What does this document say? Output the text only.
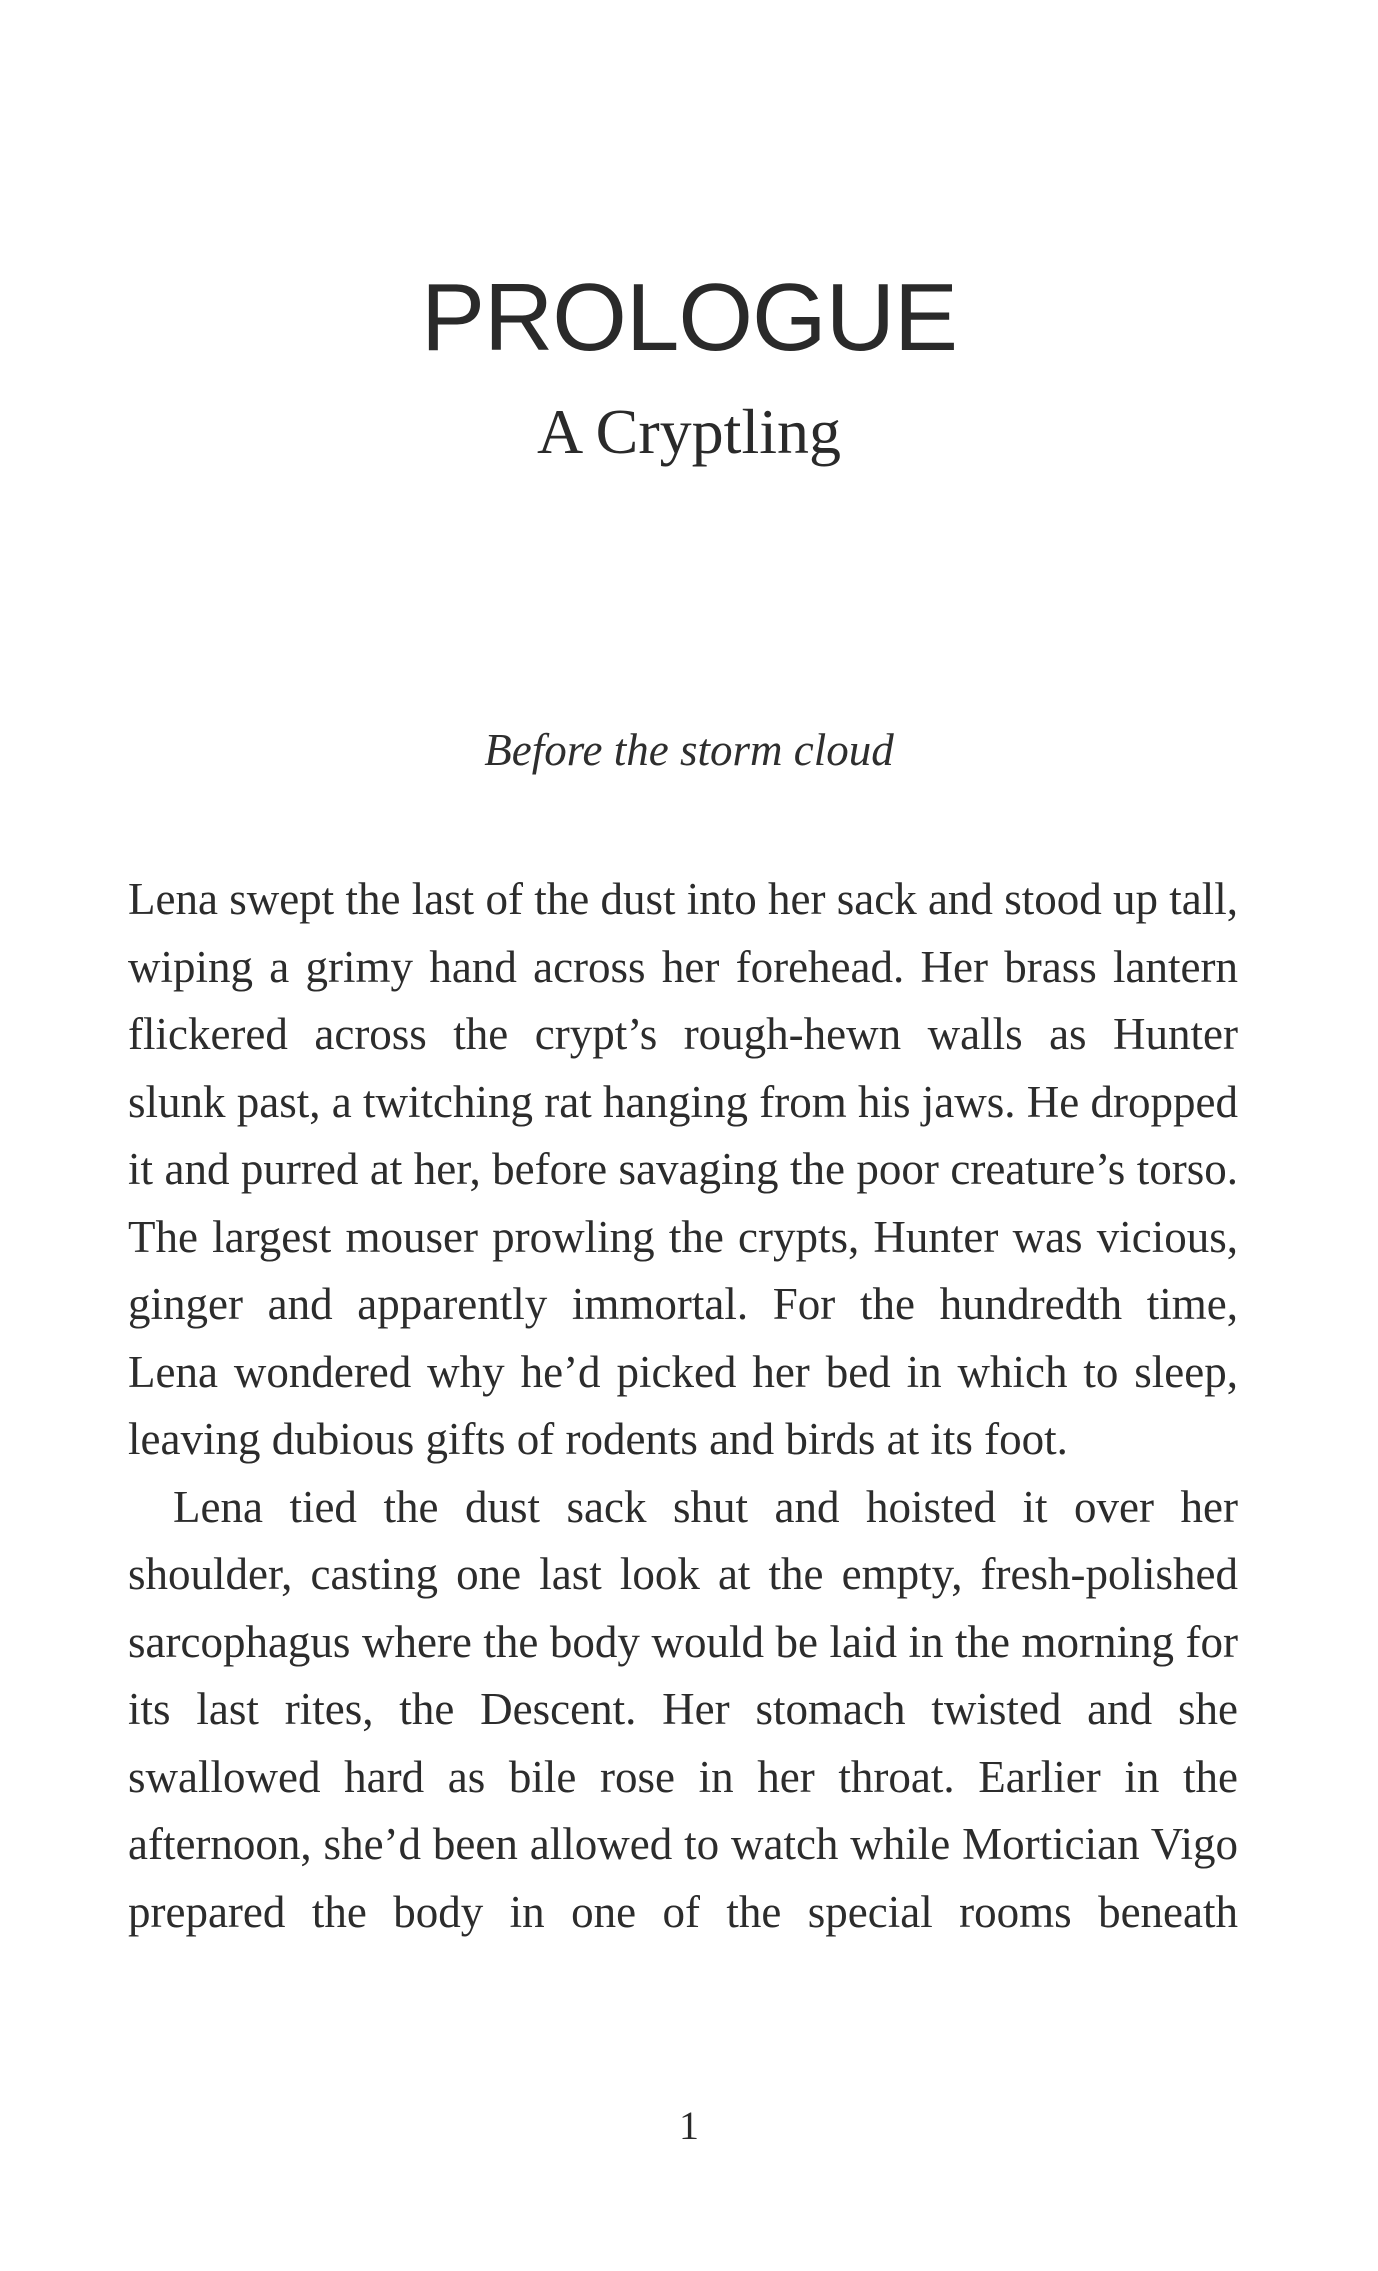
PROLOGUE
A Cryptling
Before the storm cloud

Lena swept the last of the dust into her sack and stood up tall, wiping a grimy hand across her forehead. Her brass lantern flickered across the crypt’s rough-hewn walls as Hunter slunk past, a twitching rat hanging from his jaws. He dropped it and purred at her, before savaging the poor creature’s torso. The largest mouser prowling the crypts, Hunter was vicious, ginger and apparently immortal. For the hundredth time, Lena wondered why he’d picked her bed in which to sleep, leaving dubious gifts of rodents and birds at its foot.

Lena tied the dust sack shut and hoisted it over her shoulder, casting one last look at the empty, fresh-polished sarcophagus where the body would be laid in the morning for its last rites, the Descent. Her stomach twisted and she swallowed hard as bile rose in her throat. Earlier in the afternoon, she’d been allowed to watch while Mortician Vigo prepared the body in one of the special rooms beneath

1
